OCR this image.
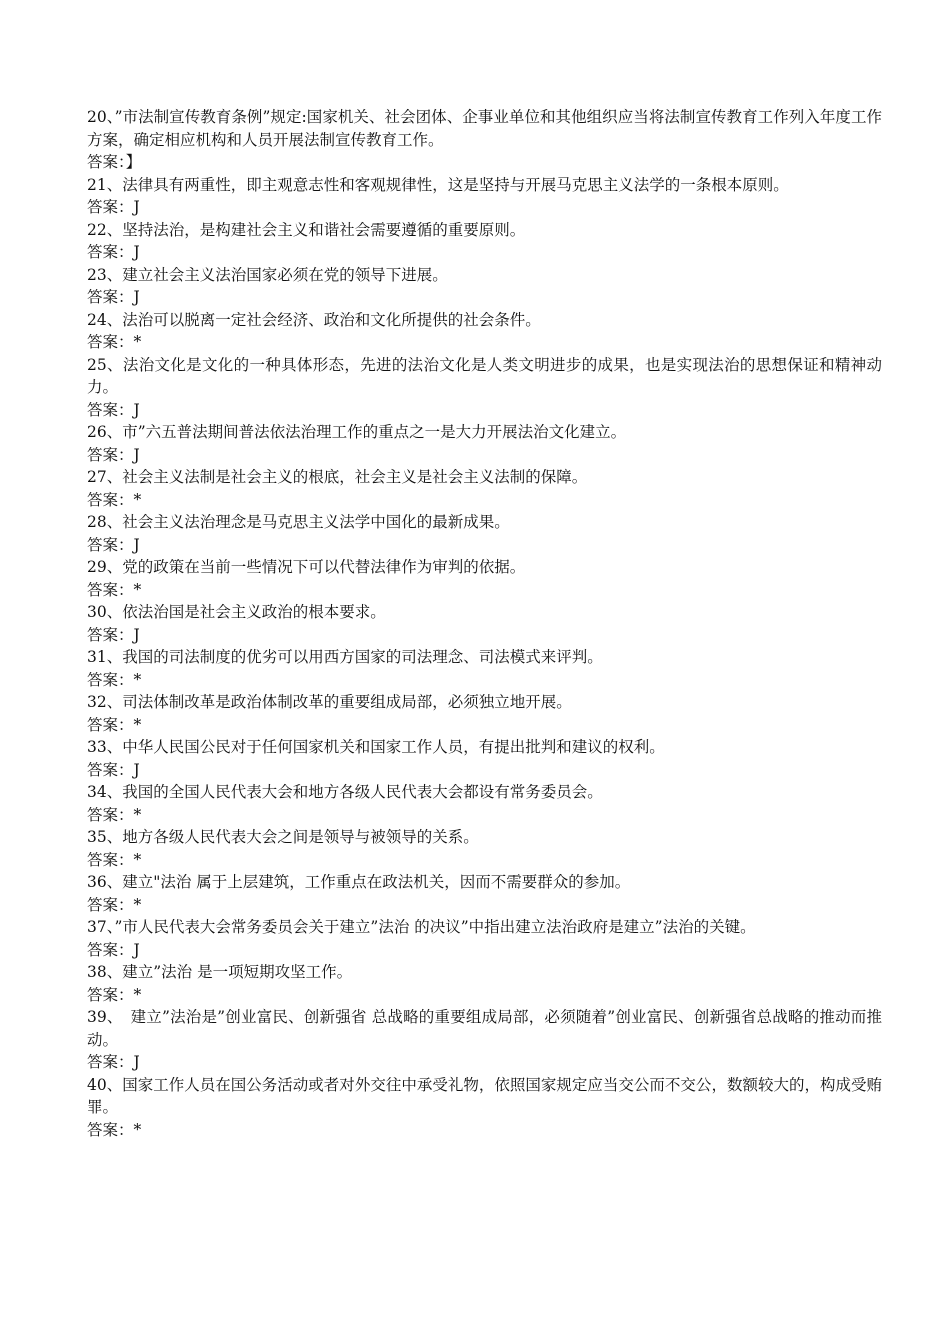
20、”市法制宣传教育条例”规定:国家机关、社会团体、企事业单位和其他组织应当将法制宣传教育工作列入年度工作方案，确定相应机构和人员开展法制宣传教育工作。

答案：】

21、法律具有两重性，即主观意志性和客观规律性，这是坚持与开展马克思主义法学的一条根本原则。

答案：J

22、坚持法治，是构建社会主义和谐社会需要遵循的重要原则。

答案：J

23、建立社会主义法治国家必须在党的领导下进展。

答案：J

24、法治可以脱离一定社会经济、政治和文化所提供的社会条件。

答案：*

25、法治文化是文化的一种具体形态，先进的法治文化是人类文明进步的成果，也是实现法治的思想保证和精神动力。

答案：J

26、市”六五普法期间普法依法治理工作的重点之一是大力开展法治文化建立。

答案：J

27、社会主义法制是社会主义的根底，社会主义是社会主义法制的保障。

答案：*

28、社会主义法治理念是马克思主义法学中国化的最新成果。

答案：J

29、党的政策在当前一些情况下可以代替法律作为审判的依据。

答案：*

30、依法治国是社会主义政治的根本要求。

答案：J

31、我国的司法制度的优劣可以用西方国家的司法理念、司法模式来评判。

答案：*

32、司法体制改革是政治体制改革的重要组成局部，必须独立地开展。

答案：*

33、中华人民国公民对于任何国家机关和国家工作人员，有提出批判和建议的权利。

答案：J

34、我国的全国人民代表大会和地方各级人民代表大会都设有常务委员会。

答案：*

35、地方各级人民代表大会之间是领导与被领导的关系。

答案：*

36、建立"法治 属于上层建筑，工作重点在政法机关，因而不需要群众的参加。

答案：*

37、”市人民代表大会常务委员会关于建立”法治 的决议”中指出建立法治政府是建立”法治的关键。

答案：J

38、建立”法治 是一项短期攻坚工作。

答案：*

39、　建立”法治是”创业富民、创新强省 总战略的重要组成局部，必须随着”创业富民、创新强省总战略的推动而推动。

答案：J

40、国家工作人员在国公务活动或者对外交往中承受礼物，依照国家规定应当交公而不交公，数额较大的，构成受贿罪。

答案：*
